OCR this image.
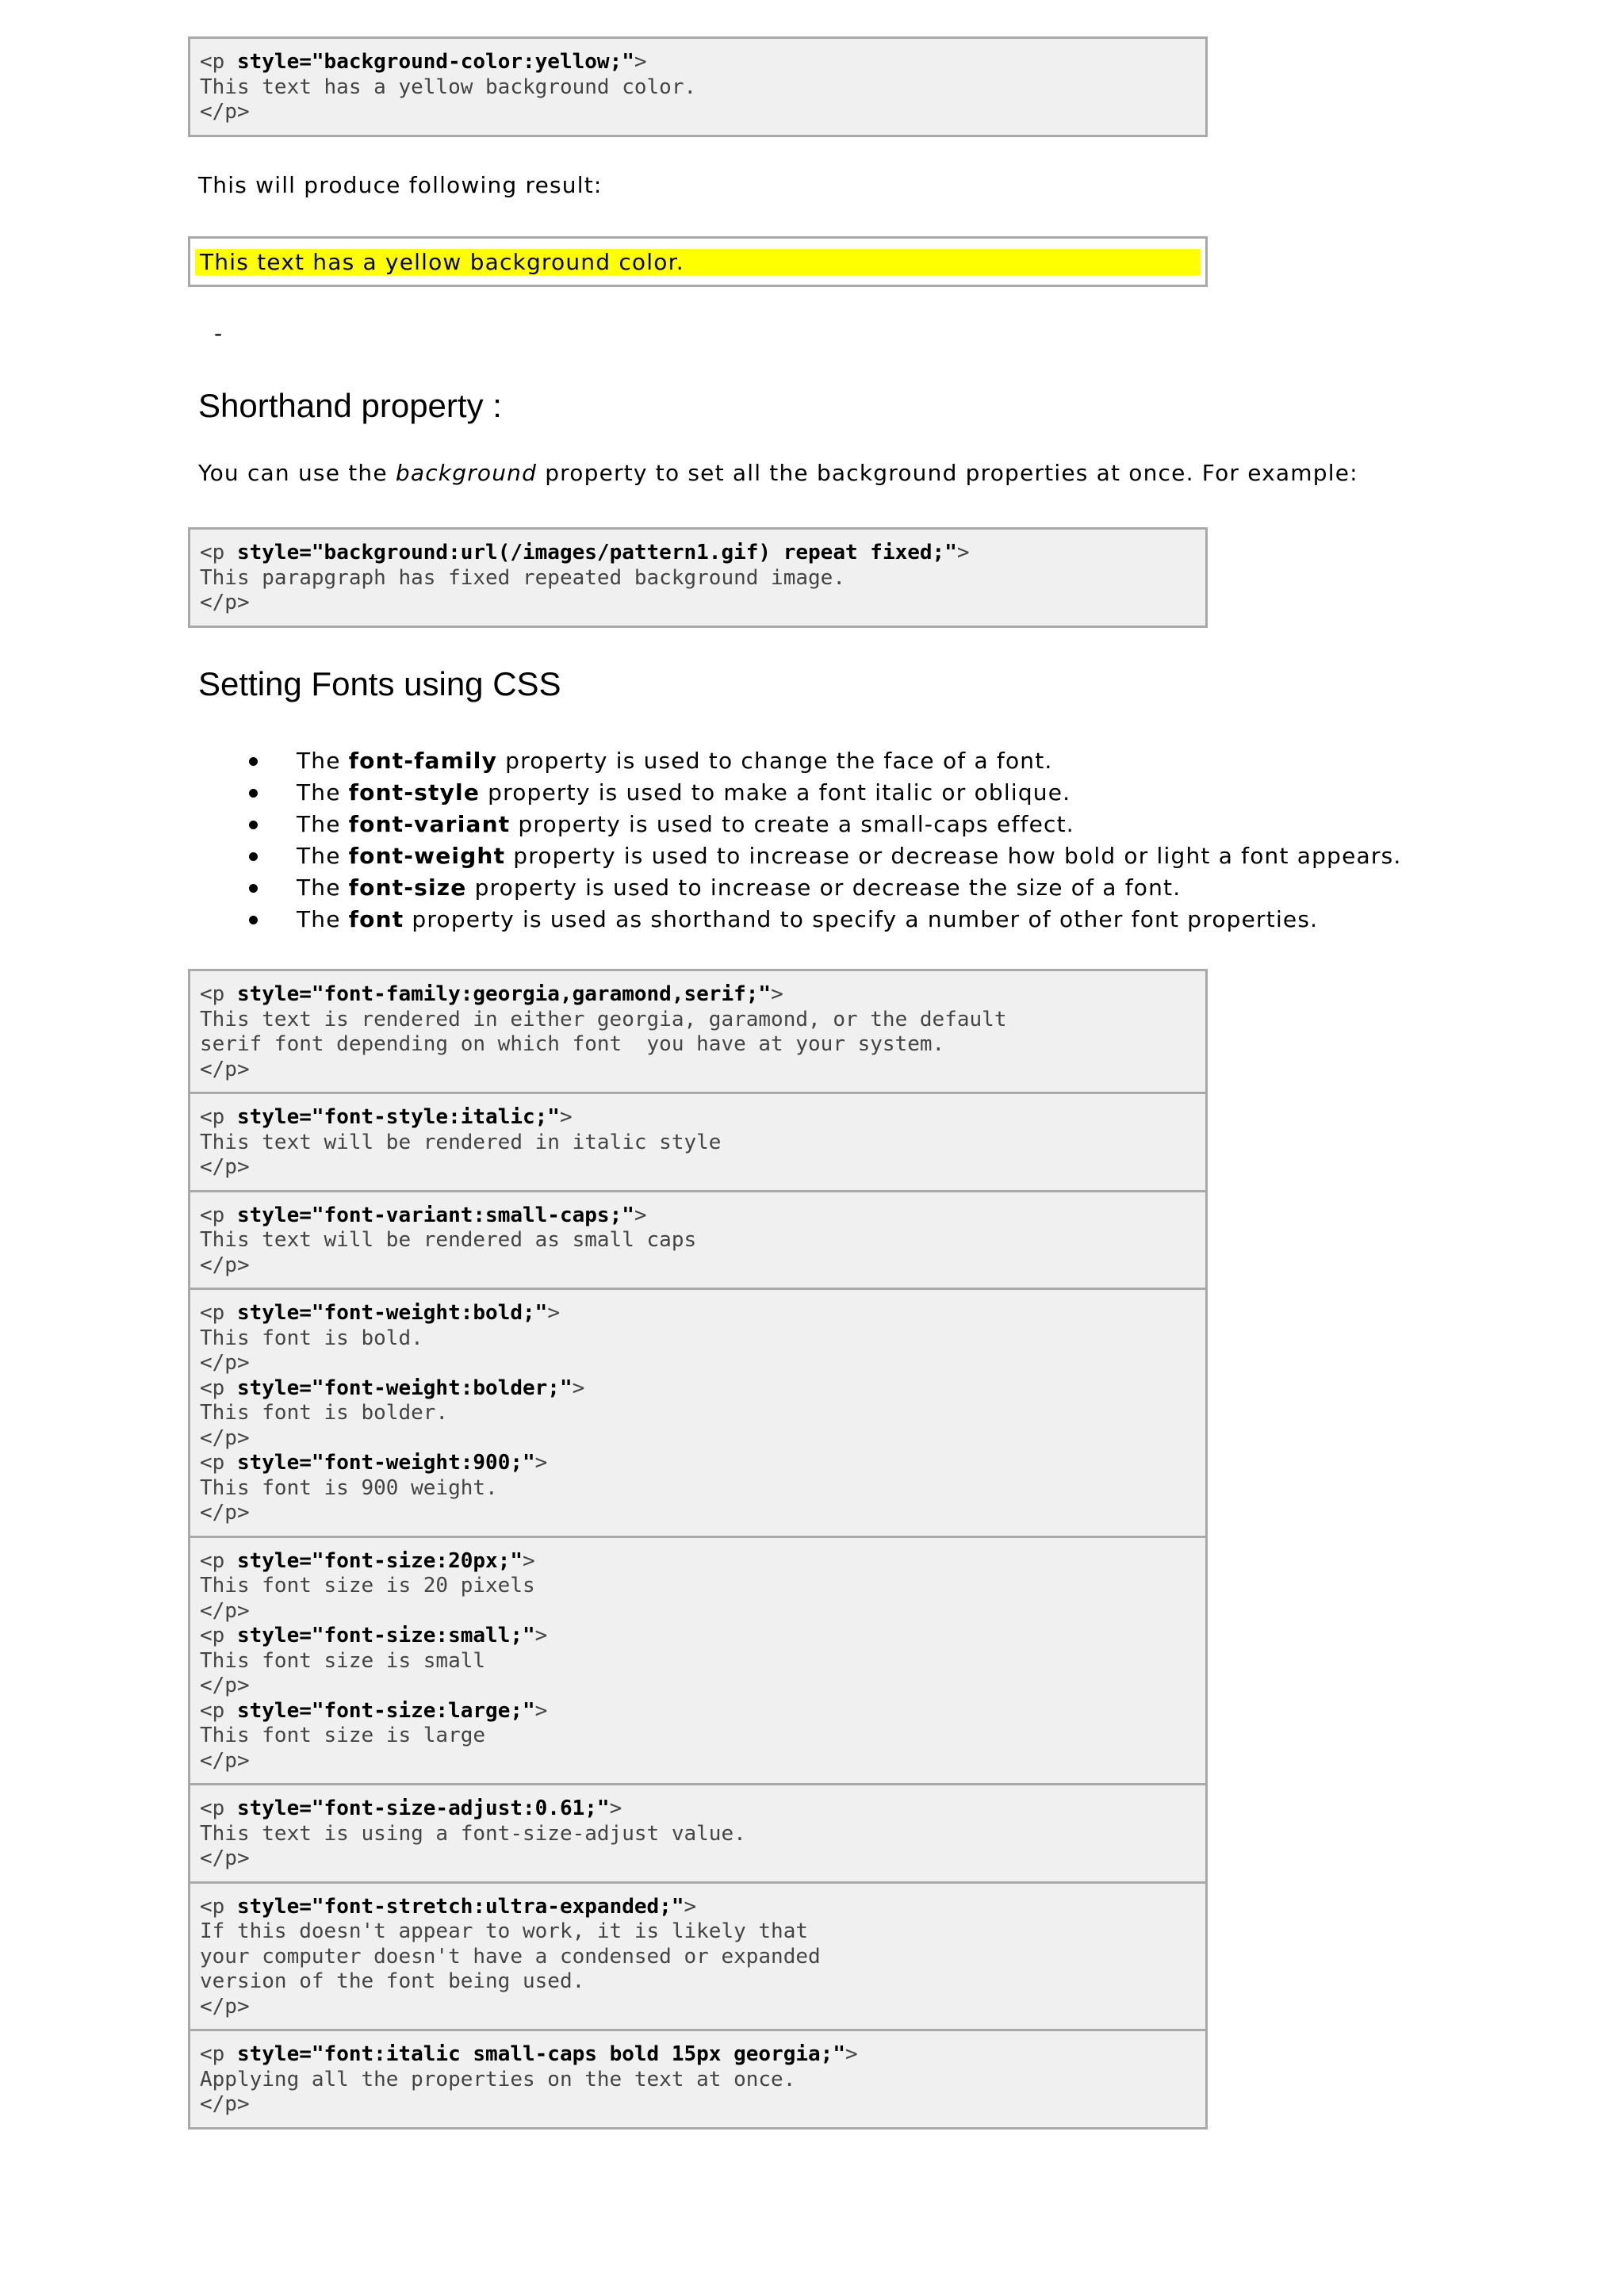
<p style="background-color:yellow;">
This text has a yellow background color.
</p>
This will produce following result:
This text has a yellow background color.
-
Shorthand property :
You can use the background property to set all the background properties at once. For example:
<p style="background:url(/images/pattern1.gif) repeat fixed;">
This parapgraph has fixed repeated background image.
</p>
Setting Fonts using CSS
The font-family property is used to change the face of a font.
The font-style property is used to make a font italic or oblique.
The font-variant property is used to create a small-caps effect.
The font-weight property is used to increase or decrease how bold or light a font appears.
The font-size property is used to increase or decrease the size of a font.
The font property is used as shorthand to specify a number of other font properties.
<p style="font-family:georgia,garamond,serif;">
This text is rendered in either georgia, garamond, or the default
serif font depending on which font  you have at your system.
</p>
<p style="font-style:italic;">
This text will be rendered in italic style
</p>
<p style="font-variant:small-caps;">
This text will be rendered as small caps
</p>
<p style="font-weight:bold;">
This font is bold.
</p>
<p style="font-weight:bolder;">
This font is bolder.
</p>
<p style="font-weight:900;">
This font is 900 weight.
</p>
<p style="font-size:20px;">
This font size is 20 pixels
</p>
<p style="font-size:small;">
This font size is small
</p>
<p style="font-size:large;">
This font size is large
</p>
<p style="font-size-adjust:0.61;">
This text is using a font-size-adjust value.
</p>
<p style="font-stretch:ultra-expanded;">
If this doesn't appear to work, it is likely that
your computer doesn't have a condensed or expanded
version of the font being used.
</p>
<p style="font:italic small-caps bold 15px georgia;">
Applying all the properties on the text at once.
</p>
